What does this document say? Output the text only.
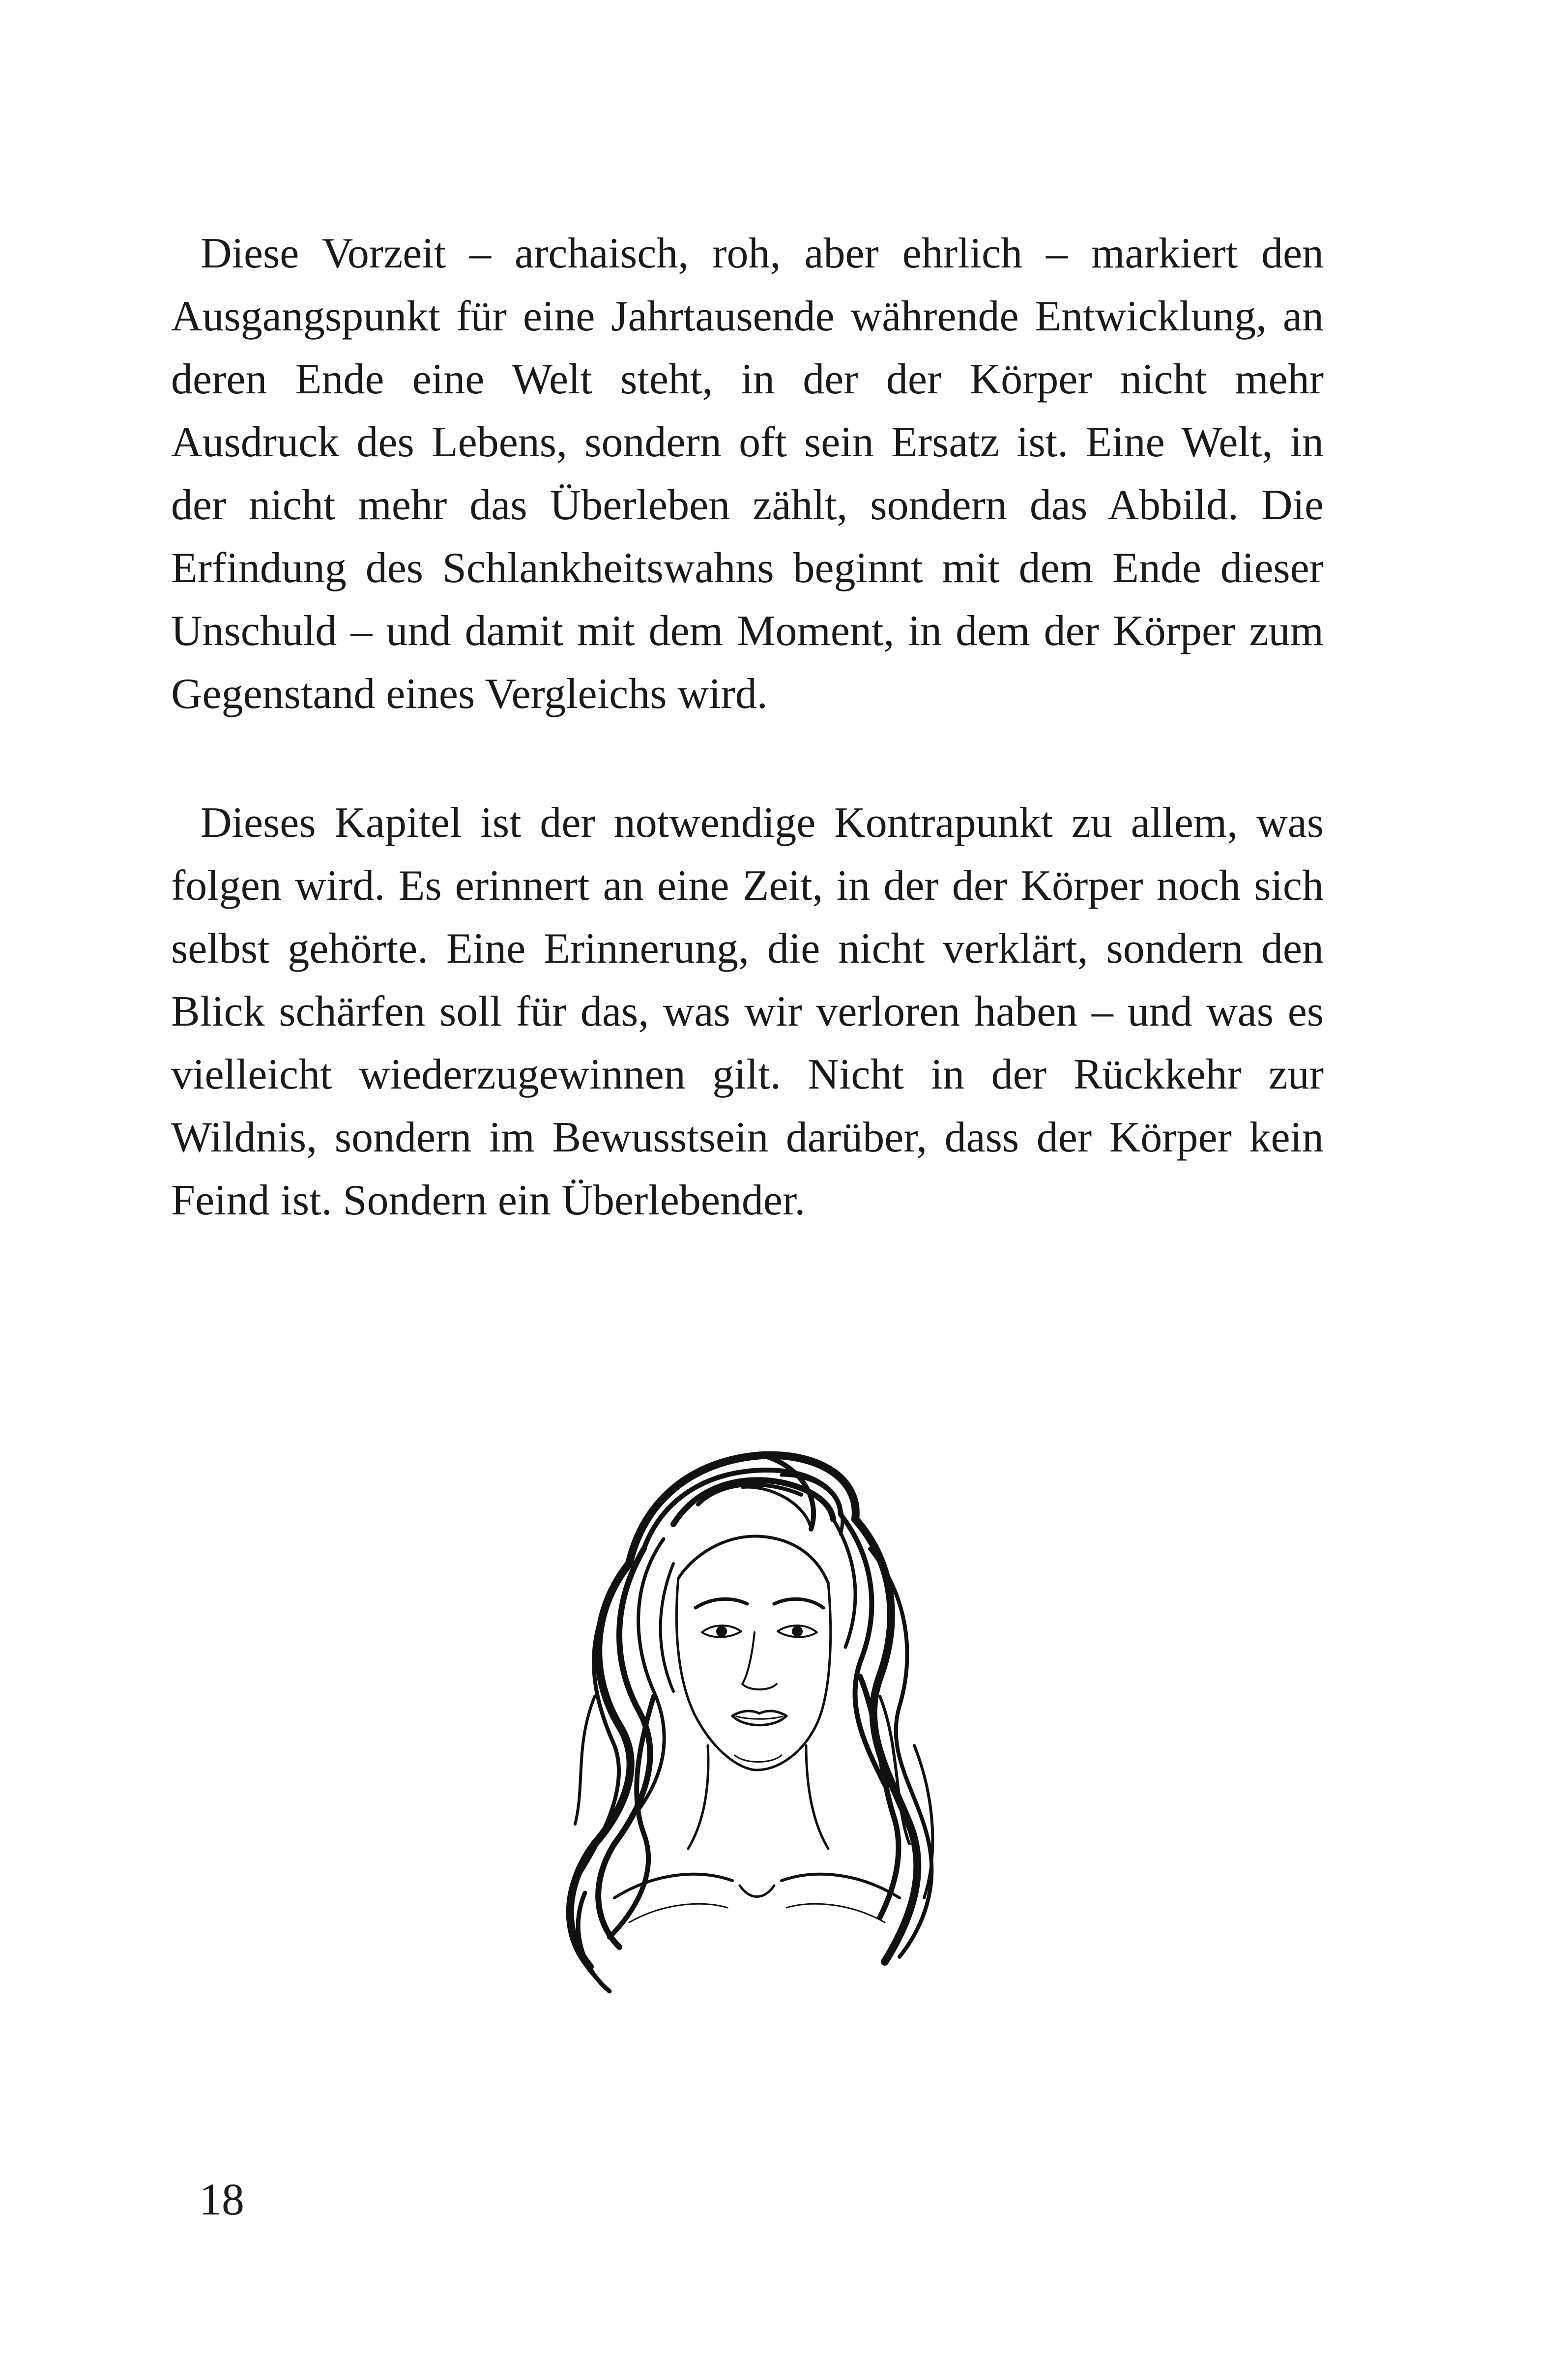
Diese Vorzeit – archaisch, roh, aber ehrlich – markiert den Ausgangspunkt für eine Jahrtausende währende Entwicklung, an deren Ende eine Welt steht, in der der Körper nicht mehr Ausdruck des Lebens, sondern oft sein Ersatz ist. Eine Welt, in der nicht mehr das Überleben zählt, sondern das Abbild. Die Erfindung des Schlankheitswahns beginnt mit dem Ende dieser Unschuld – und damit mit dem Moment, in dem der Körper zum Gegenstand eines Vergleichs wird.

Dieses Kapitel ist der notwendige Kontrapunkt zu allem, was folgen wird. Es erinnert an eine Zeit, in der der Körper noch sich selbst gehörte. Eine Erinnerung, die nicht verklärt, sondern den Blick schärfen soll für das, was wir verloren haben – und was es vielleicht wiederzugewinnen gilt. Nicht in der Rückkehr zur Wildnis, sondern im Bewusstsein darüber, dass der Körper kein Feind ist. Sondern ein Überlebender.

18
